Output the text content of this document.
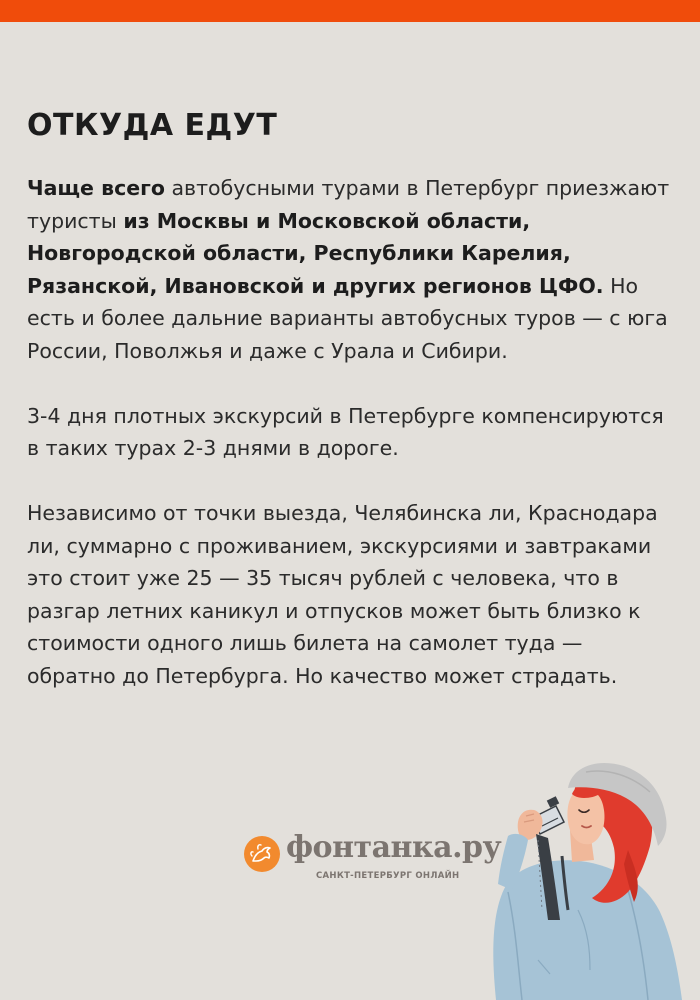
ОТКУДА ЕДУТ

Чаще всего автобусными турами в Петербург приезжают туристы из Москвы и Московской области, Новгородской области, Республики Карелия, Рязанской, Ивановской и других регионов ЦФО. Но есть и более дальние варианты автобусных туров — с юга России, Поволжья и даже с Урала и Сибири.

3-4 дня плотных экскурсий в Петербурге компенсируются в таких турах 2-3 днями в дороге.

Независимо от точки выезда, Челябинска ли, Краснодара ли, суммарно с проживанием, экскурсиями и завтраками это стоит уже 25 — 35 тысяч рублей с человека, что в разгар летних каникул и отпусков может быть близко к стоимости одного лишь билета на самолет туда — обратно до Петербурга. Но качество может страдать.

фонтанка.ру
САНКТ-ПЕТЕРБУРГ ОНЛАЙН
